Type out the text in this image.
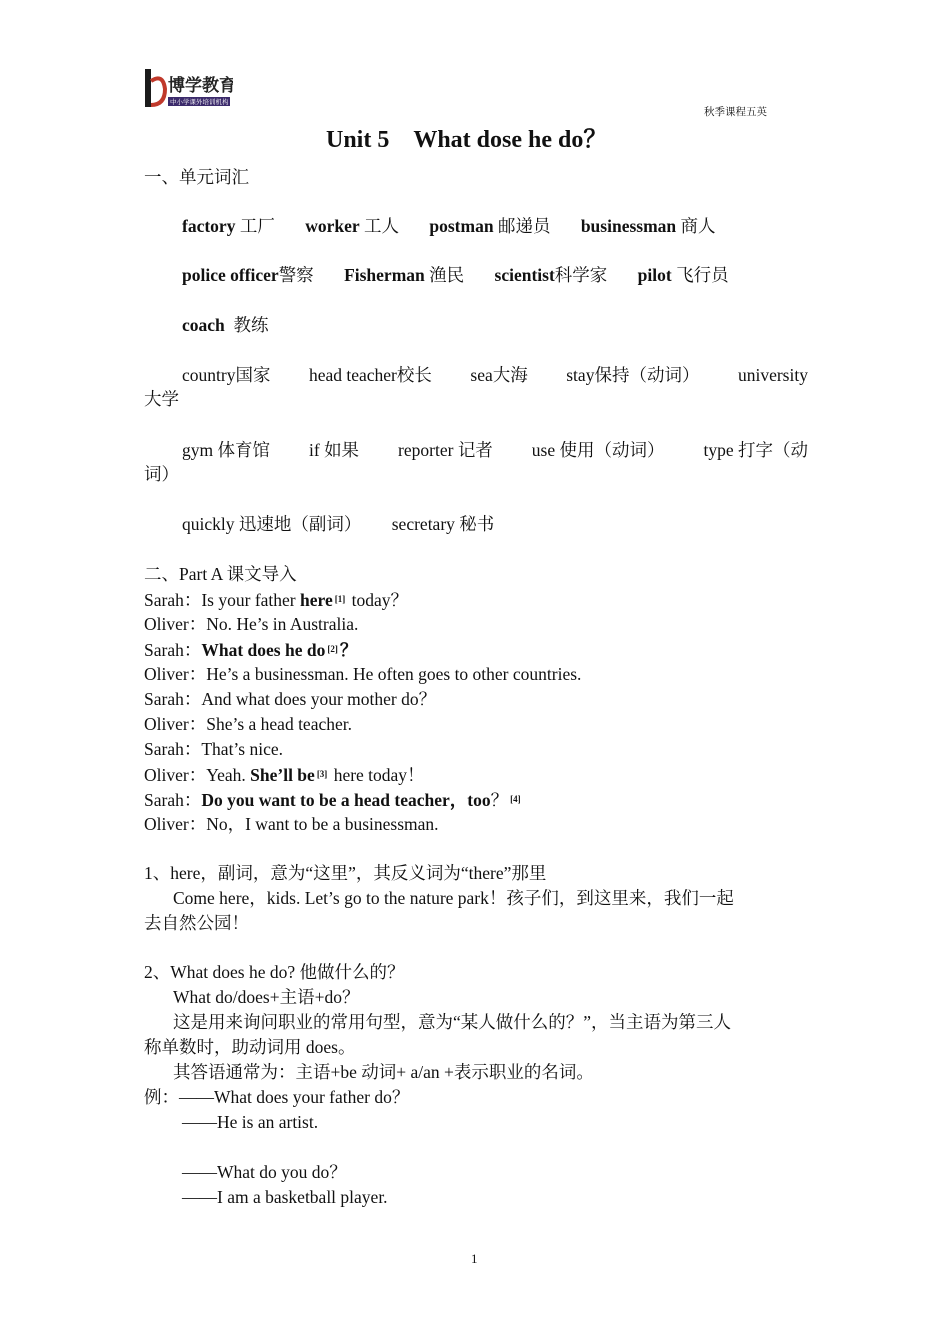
博学教育
中小学课外培训机构
秋季课程五英
Unit 5　What dose he do？
一、单元词汇
factory 工厂 worker 工人 postman 邮递员 businessman 商人
police officer警察 Fisherman 渔民 scientist科学家 pilot 飞行员
coach 教练
country国家 head teacher校长 sea大海 stay保持（动词） university
大学
gym 体育馆 if 如果 reporter 记者 use 使用（动词） type 打字（动
词）
quickly 迅速地（副词） secretary 秘书
二、Part A 课文导入
Sarah：Is your father here [1] today？
Oliver：No. He’s in Australia.
Sarah：What does he do [2] ？
Oliver：He’s a businessman. He often goes to other countries.
Sarah：And what does your mother do？
Oliver：She’s a head teacher.
Sarah：That’s nice.
Oliver：Yeah. She’ll be [3] here today！
Sarah：Do you want to be a head teacher，too？ [4]
Oliver：No，I want to be a businessman.
1、here，副词，意为“这里”，其反义词为“there”那里
Come here，kids. Let’s go to the nature park！孩子们，到这里来，我们一起
去自然公园！
2、What does he do? 他做什么的？
What do/does+主语+do？
这是用来询问职业的常用句型，意为“某人做什么的？”，当主语为第三人
称单数时，助动词用 does。
其答语通常为：主语+be 动词+ a/an +表示职业的名词。
例：——What does your father do？
——He is an artist.
——What do you do？
——I am a basketball player.
1
